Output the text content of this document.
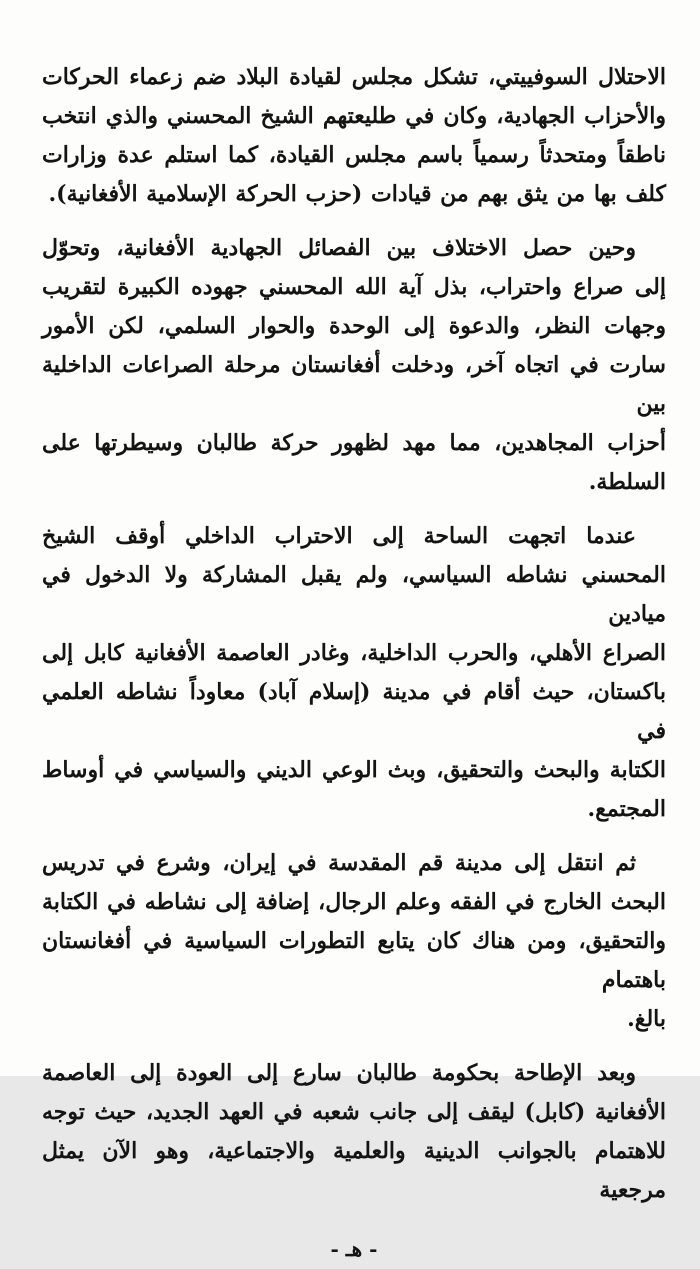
الاحتلال السوفييتي، تشكل مجلس لقيادة البلاد ضم زعماء الحركات
والأحزاب الجهادية، وكان في طليعتهم الشيخ المحسني والذي انتخب
ناطقاً ومتحدثاً رسمياً باسم مجلس القيادة، كما استلم عدة وزارات
كلف بها من يثق بهم من قيادات (حزب الحركة الإسلامية الأفغانية).

وحين حصل الاختلاف بين الفصائل الجهادية الأفغانية، وتحوّل
إلى صراع واحتراب، بذل آية الله المحسني جهوده الكبيرة لتقريب
وجهات النظر، والدعوة إلى الوحدة والحوار السلمي، لكن الأمور
سارت في اتجاه آخر، ودخلت أفغانستان مرحلة الصراعات الداخلية بين
أحزاب المجاهدين، مما مهد لظهور حركة طالبان وسيطرتها على
السلطة.

عندما اتجهت الساحة إلى الاحتراب الداخلي أوقف الشيخ
المحسني نشاطه السياسي، ولم يقبل المشاركة ولا الدخول في ميادين
الصراع الأهلي، والحرب الداخلية، وغادر العاصمة الأفغانية كابل إلى
باكستان، حيث أقام في مدينة (إسلام آباد) معاوداً نشاطه العلمي في
الكتابة والبحث والتحقيق، وبث الوعي الديني والسياسي في أوساط
المجتمع.

ثم انتقل إلى مدينة قم المقدسة في إيران، وشرع في تدريس
البحث الخارج في الفقه وعلم الرجال، إضافة إلى نشاطه في الكتابة
والتحقيق، ومن هناك كان يتابع التطورات السياسية في أفغانستان باهتمام
بالغ.

وبعد الإطاحة بحكومة طالبان سارع إلى العودة إلى العاصمة
الأفغانية (كابل) ليقف إلى جانب شعبه في العهد الجديد، حيث توجه
للاهتمام بالجوانب الدينية والعلمية والاجتماعية، وهو الآن يمثل مرجعية

- هـ -
